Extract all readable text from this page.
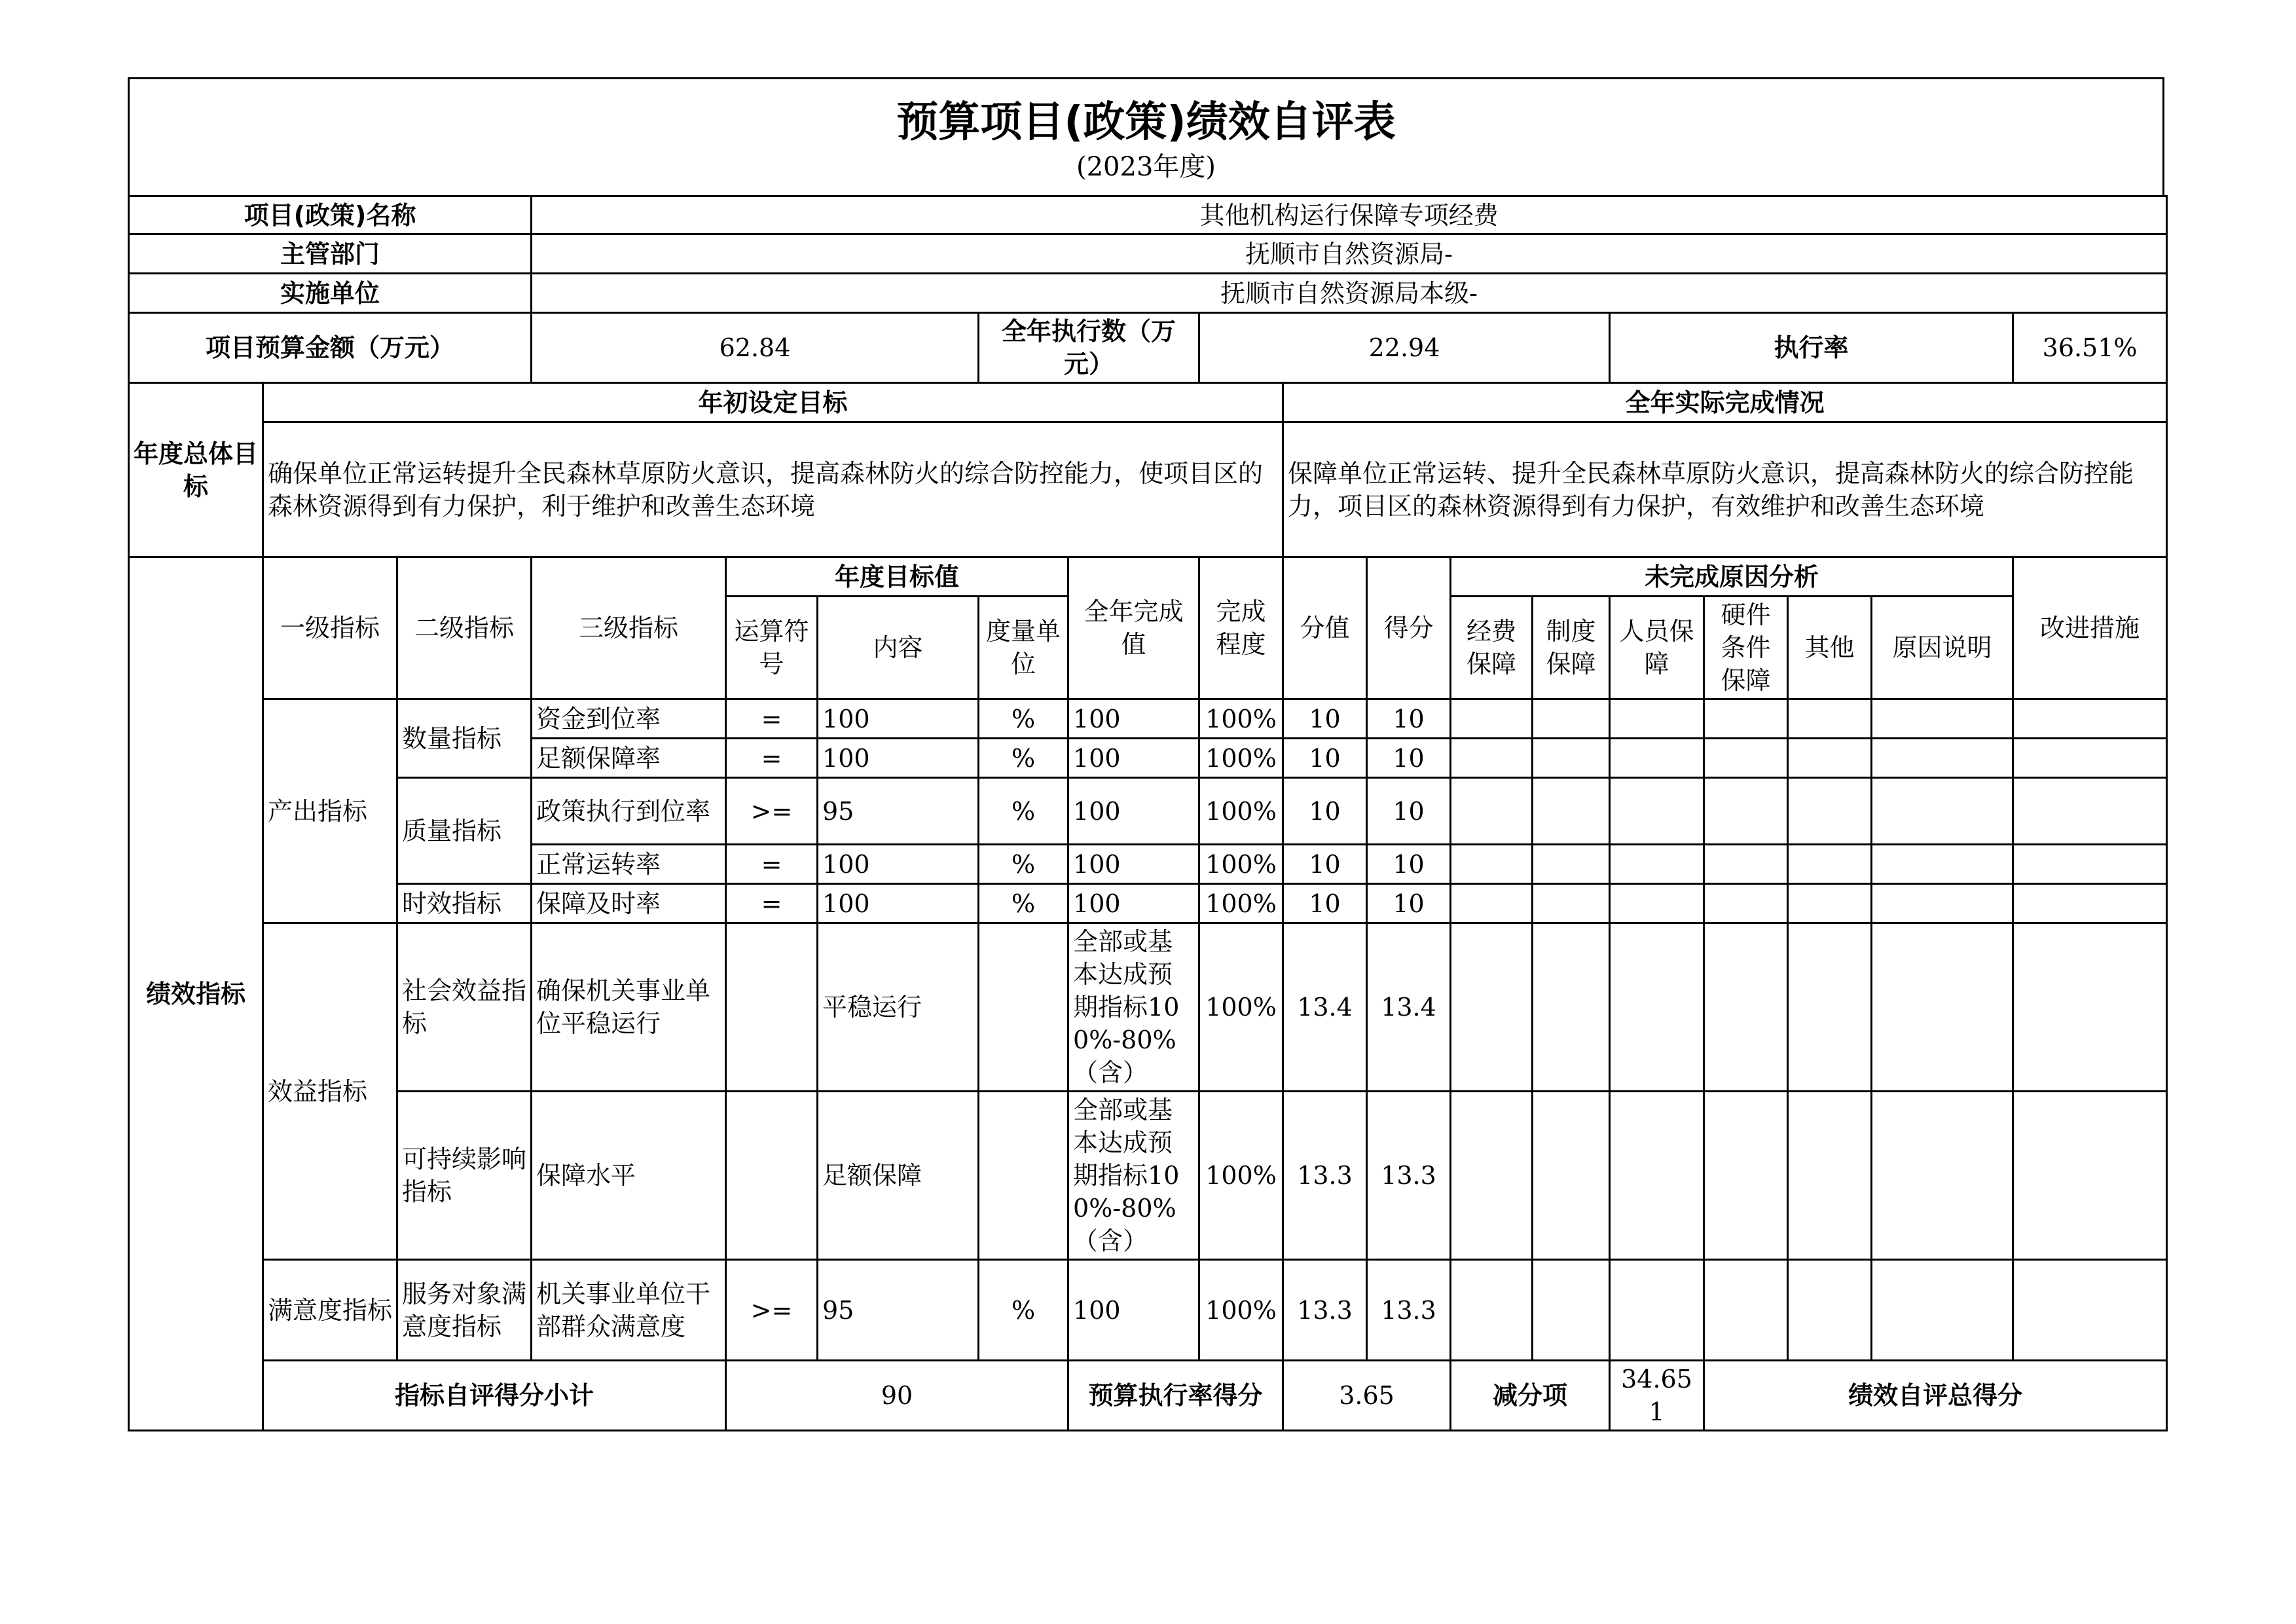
预算项目(政策)绩效自评表
(2023年度)
项目(政策)名称			其他机构运行保障专项经费															
主管部门			抚顺市自然资源局-															
实施单位			抚顺市自然资源局本级-															
项目预算金额（万元）			62.84			全年执行数（万元）		22.94					执行率				36.51%	
年度总体目标	年初设定目标								全年实际完成情况									
	确保单位正常运转提升全民森林草原防火意识，提高森林防火的综合防控能力，使项目区的森林资源得到有力保护，利于维护和改善生态环境								保障单位正常运转、提升全民森林草原防火意识，提高森林防火的综合防控能力，项目区的森林资源得到有力保护，有效维护和改善生态环境									
绩效指标	一级指标	二级指标	三级指标	年度目标值			全年完成值	完成程度	分值	得分	未完成原因分析						改进措施	
				运算符号	内容	度量单位					经费保障	制度保障	人员保障	硬件条件保障	其他	原因说明		
	产出指标	数量指标	资金到位率	=	100	%	100	100%	10	10								
			足额保障率	=	100	%	100	100%	10	10								
		质量指标	政策执行到位率	>=	95	%	100	100%	10	10								
			正常运转率	=	100	%	100	100%	10	10								
		时效指标	保障及时率	=	100	%	100	100%	10	10								
	效益指标	社会效益指标	确保机关事业单位平稳运行		平稳运行		全部或基本达成预期指标100%-80%（含）	100%	13.4	13.4								
		可持续影响指标	保障水平		足额保障		全部或基本达成预期指标100%-80%（含）	100%	13.3	13.3								
	满意度指标	服务对象满意度指标	机关事业单位干部群众满意度	>=	95	%	100	100%	13.3	13.3								
	指标自评得分小计			90			预算执行率得分		3.65		减分项		34.651	绩效自评总得分	
